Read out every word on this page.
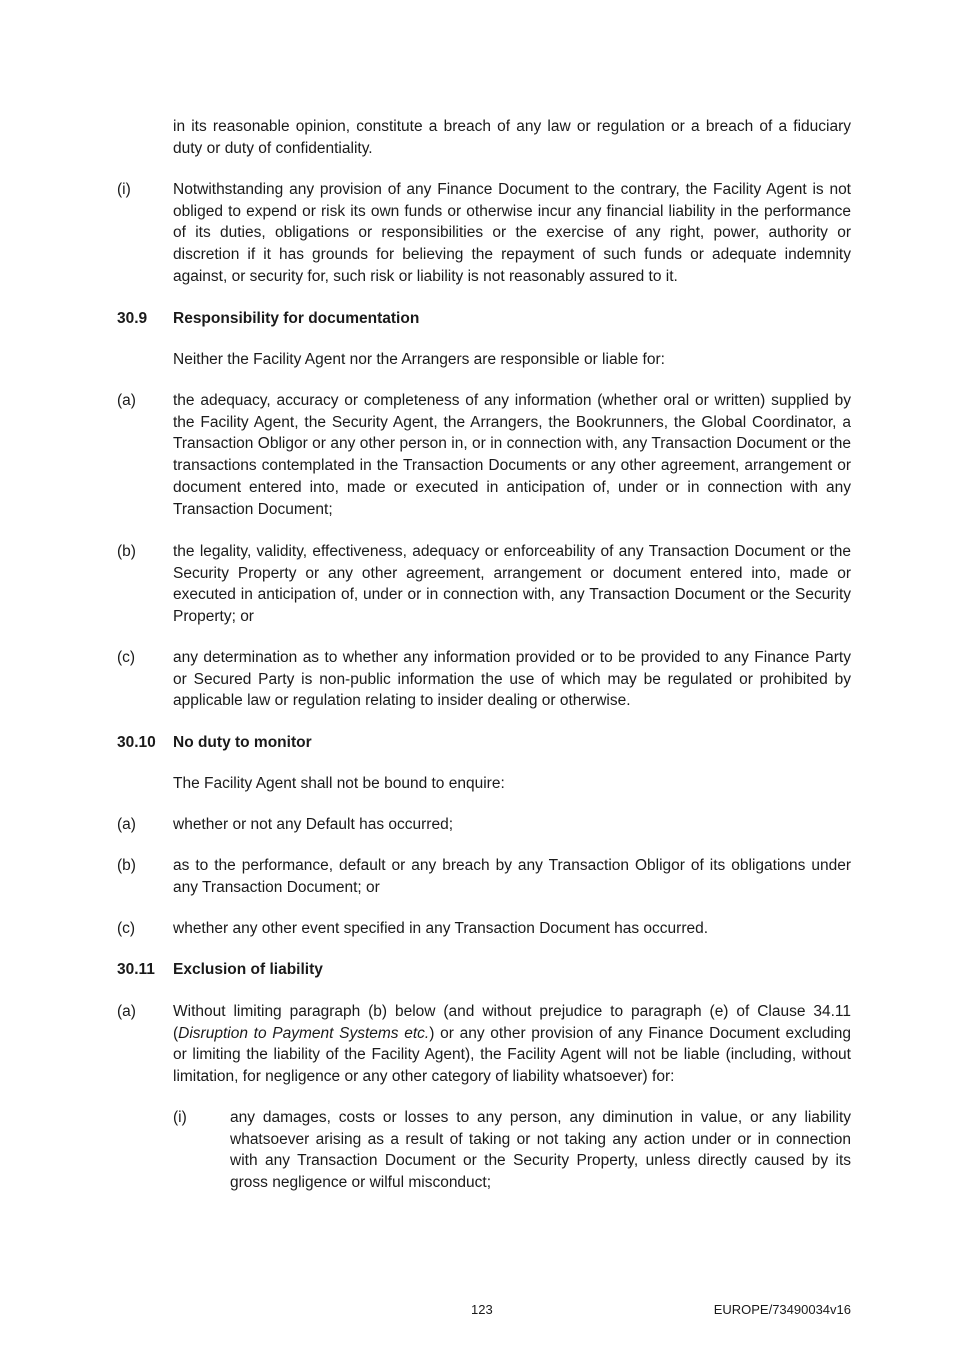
in its reasonable opinion, constitute a breach of any law or regulation or a breach of a fiduciary duty or duty of confidentiality.

(i)	Notwithstanding any provision of any Finance Document to the contrary, the Facility Agent is not obliged to expend or risk its own funds or otherwise incur any financial liability in the performance of its duties, obligations or responsibilities or the exercise of any right, power, authority or discretion if it has grounds for believing the repayment of such funds or adequate indemnity against, or security for, such risk or liability is not reasonably assured to it.

30.9 Responsibility for documentation

Neither the Facility Agent nor the Arrangers are responsible or liable for:

(a) the adequacy, accuracy or completeness of any information (whether oral or written) supplied by the Facility Agent, the Security Agent, the Arrangers, the Bookrunners, the Global Coordinator, a Transaction Obligor or any other person in, or in connection with, any Transaction Document or the transactions contemplated in the Transaction Documents or any other agreement, arrangement or document entered into, made or executed in anticipation of, under or in connection with any Transaction Document;

(b) the legality, validity, effectiveness, adequacy or enforceability of any Transaction Document or the Security Property or any other agreement, arrangement or document entered into, made or executed in anticipation of, under or in connection with, any Transaction Document or the Security Property; or

(c) any determination as to whether any information provided or to be provided to any Finance Party or Secured Party is non-public information the use of which may be regulated or prohibited by applicable law or regulation relating to insider dealing or otherwise.

30.10 No duty to monitor

The Facility Agent shall not be bound to enquire:

(a) whether or not any Default has occurred;

(b) as to the performance, default or any breach by any Transaction Obligor of its obligations under any Transaction Document; or

(c) whether any other event specified in any Transaction Document has occurred.

30.11 Exclusion of liability
(a) Without limiting paragraph (b) below (and without prejudice to paragraph (e) of Clause 34.11 (Disruption to Payment Systems etc.) or any other provision of any Finance Document excluding or limiting the liability of the Facility Agent), the Facility Agent will not be liable (including, without limitation, for negligence or any other category of liability whatsoever) for:

(i)	any damages, costs or losses to any person, any diminution in value, or any liability whatsoever arising as a result of taking or not taking any action under or in connection with any Transaction Document or the Security Property, unless directly caused by its gross negligence or wilful misconduct;

123	EUROPE/73490034v16
